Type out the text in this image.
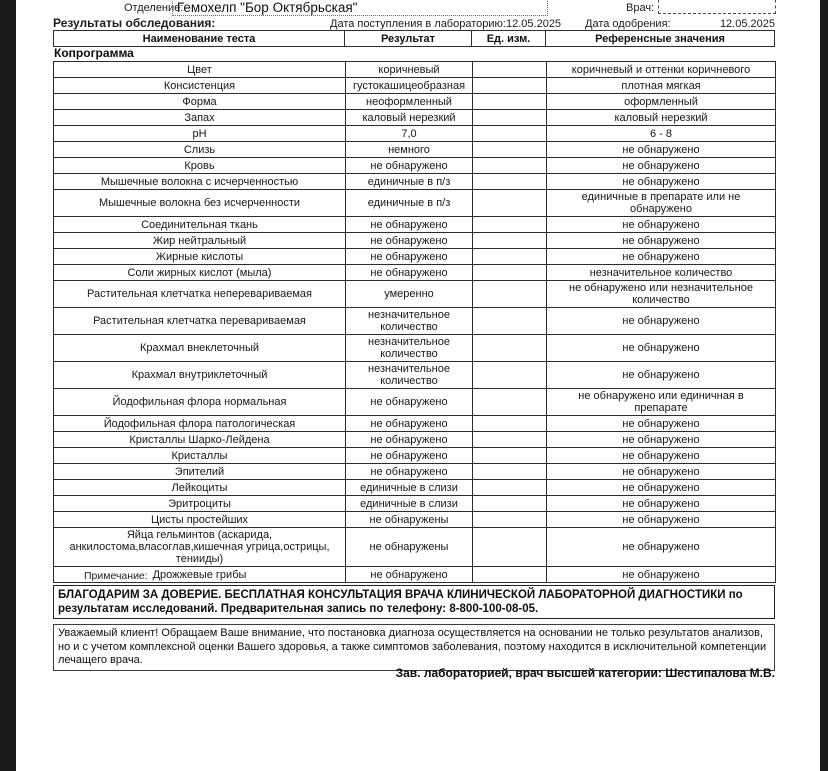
Отделение:
Гемохелп "Бор Октябрьская"	Врач:
Результаты обследования:	Дата поступления в лабораторию: 12.05.2025 Дата одобрения:	12.05.2025
Наименование теста	Результат	Ед. изм.	Референсные значения
Копрограмма
Цвет	коричневый		коричневый и оттенки коричневого
Консистенция	густокашицеобразная		плотная мягкая
Форма	неоформленный		оформленный
Запах	каловый нерезкий		каловый нерезкий
pH	7,0		6 - 8
Слизь	немного		не обнаружено
Кровь	не обнаружено		не обнаружено
Мышечные волокна с исчерченностью	единичные в п/з		не обнаружено
Мышечные волокна без исчерченности	единичные в п/з		единичные в препарате или не обнаружено
Соединительная ткань	не обнаружено		не обнаружено
Жир нейтральный	не обнаружено		не обнаружено
Жирные кислоты	не обнаружено		не обнаружено
Соли жирных кислот (мыла)	не обнаружено		незначительное количество
Растительная клетчатка неперевариваемая	умеренно		не обнаружено или незначительное количество
Растительная клетчатка перевариваемая	незначительное количество		не обнаружено
Крахмал внеклеточный	незначительное количество		не обнаружено
Крахмал внутриклеточный	незначительное количество		не обнаружено
Йодофильная флора нормальная	не обнаружено		не обнаружено или единичная в препарате
Йодофильная флора патологическая	не обнаружено		не обнаружено
Кристаллы Шарко-Лейдена	не обнаружено		не обнаружено
Кристаллы	не обнаружено		не обнаружено
Эпителий	не обнаружено		не обнаружено
Лейкоциты	единичные в слизи		не обнаружено
Эритроциты	единичные в слизи		не обнаружено
Цисты простейших	не обнаружены		не обнаружено
Яйца гельминтов (аскарида, анкилостома,власоглав,кишечная угрица,острицы, тенииды)	не обнаружены		не обнаружено
Дрожжевые грибы	не обнаружено		не обнаружено
Примечание:
БЛАГОДАРИМ ЗА ДОВЕРИЕ. БЕСПЛАТНАЯ КОНСУЛЬТАЦИЯ ВРАЧА КЛИНИЧЕСКОЙ ЛАБОРАТОРНОЙ ДИАГНОСТИКИ по результатам исследований. Предварительная запись по телефону: 8-800-100-08-05.
Уважаемый клиент! Обращаем Ваше внимание, что постановка диагноза осуществляется на основании не только результатов анализов, но и с учетом комплексной оценки Вашего здоровья, а также симптомов заболевания, поэтому находится в исключительной компетенции лечащего врача.
Зав. лабораторией, врач высшей категории: Шестипалова М.В.
